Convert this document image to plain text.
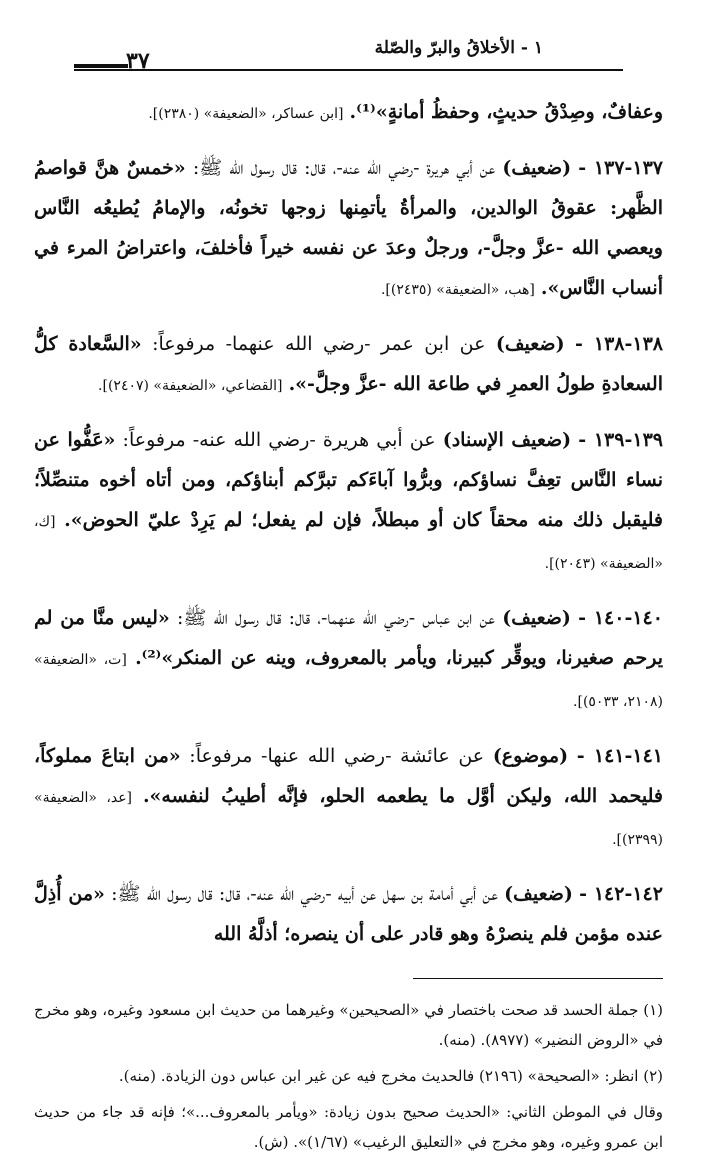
٣٧	١ - الأخلاقُ والبرّ والصّلة

وعفافٌ، وصِدْقُ حديثٍ، وحفظُ أمانةٍ»⁽¹⁾. [ابن عساكر، «الضعيفة» (٢٣٨٠)].

١٣٧-١٣٧ - (ضعيف) عن أبي هريرة -رضي الله عنه-، قال: قال رسول الله ﷺ: «خمسٌ هنَّ قواصمُ الظَّهر: عقوقُ الوالدين، والمرأةُ يأتمِنها زوجها تخونُه، والإمامُ يُطيعُه النَّاس ويعصي الله -عزَّ وجلَّ-، ورجلٌ وعدَ عن نفسه خيراً فأخلفَ، واعتراضُ المرء في أنساب النَّاس». [هب، «الضعيفة» (٢٤٣٥)].

١٣٨-١٣٨ - (ضعيف) عن ابن عمر -رضي الله عنهما- مرفوعاً: «السَّعادة كلُّ السعادةِ طولُ العمرِ في طاعة الله -عزَّ وجلَّ-». [القضاعي، «الضعيفة» (٢٤٠٧)].

١٣٩-١٣٩ - (ضعيف الإسناد) عن أبي هريرة -رضي الله عنه- مرفوعاً: «عَفُّوا عن نساء النَّاس تعِفَّ نساؤكم، وبرُّوا آباءَكم تبرَّكم أبناؤكم، ومن أتاه أخوه متنصِّلاً؛ فليقبل ذلك منه محقاً كان أو مبطلاً، فإن لم يفعل؛ لم يَرِدْ عليّ الحوض». [ك، «الضعيفة» (٢٠٤٣)].

١٤٠-١٤٠ - (ضعيف) عن ابن عباس -رضي الله عنهما-، قال: قال رسول الله ﷺ: «ليس منَّا من لم يرحم صغيرنا، ويوقِّر كبيرنا، ويأمر بالمعروف، وينه عن المنكر»⁽²⁾. [ت، «الضعيفة» (٢١٠٨، ٥٠٣٣)].

١٤١-١٤١ - (موضوع) عن عائشة -رضي الله عنها- مرفوعاً: «من ابتاعَ مملوكاً، فليحمد الله، وليكن أوَّل ما يطعمه الحلو، فإنَّه أطيبُ لنفسه». [عد، «الضعيفة» (٢٣٩٩)].

١٤٢-١٤٢ - (ضعيف) عن أبي أمامة بن سهل عن أبيه -رضي الله عنه-، قال: قال رسول الله ﷺ: «من أُذِلَّ عنده مؤمن فلم ينصرْهُ وهو قادر على أن ينصره؛ أذلَّهُ الله

(١) جملة الحسد قد صحت باختصار في «الصحيحين» وغيرهما من حديث ابن مسعود وغيره، وهو مخرج في «الروض النضير» (٨٩٧٧). (منه).

(٢) انظر: «الصحيحة» (٢١٩٦) فالحديث مخرج فيه عن غير ابن عباس دون الزيادة. (منه).

وقال في الموطن الثاني: «الحديث صحيح بدون زيادة: «ويأمر بالمعروف...»؛ فإنه قد جاء من حديث ابن عمرو وغيره، وهو مخرج في «التعليق الرغيب» (١/٦٧)». (ش).
